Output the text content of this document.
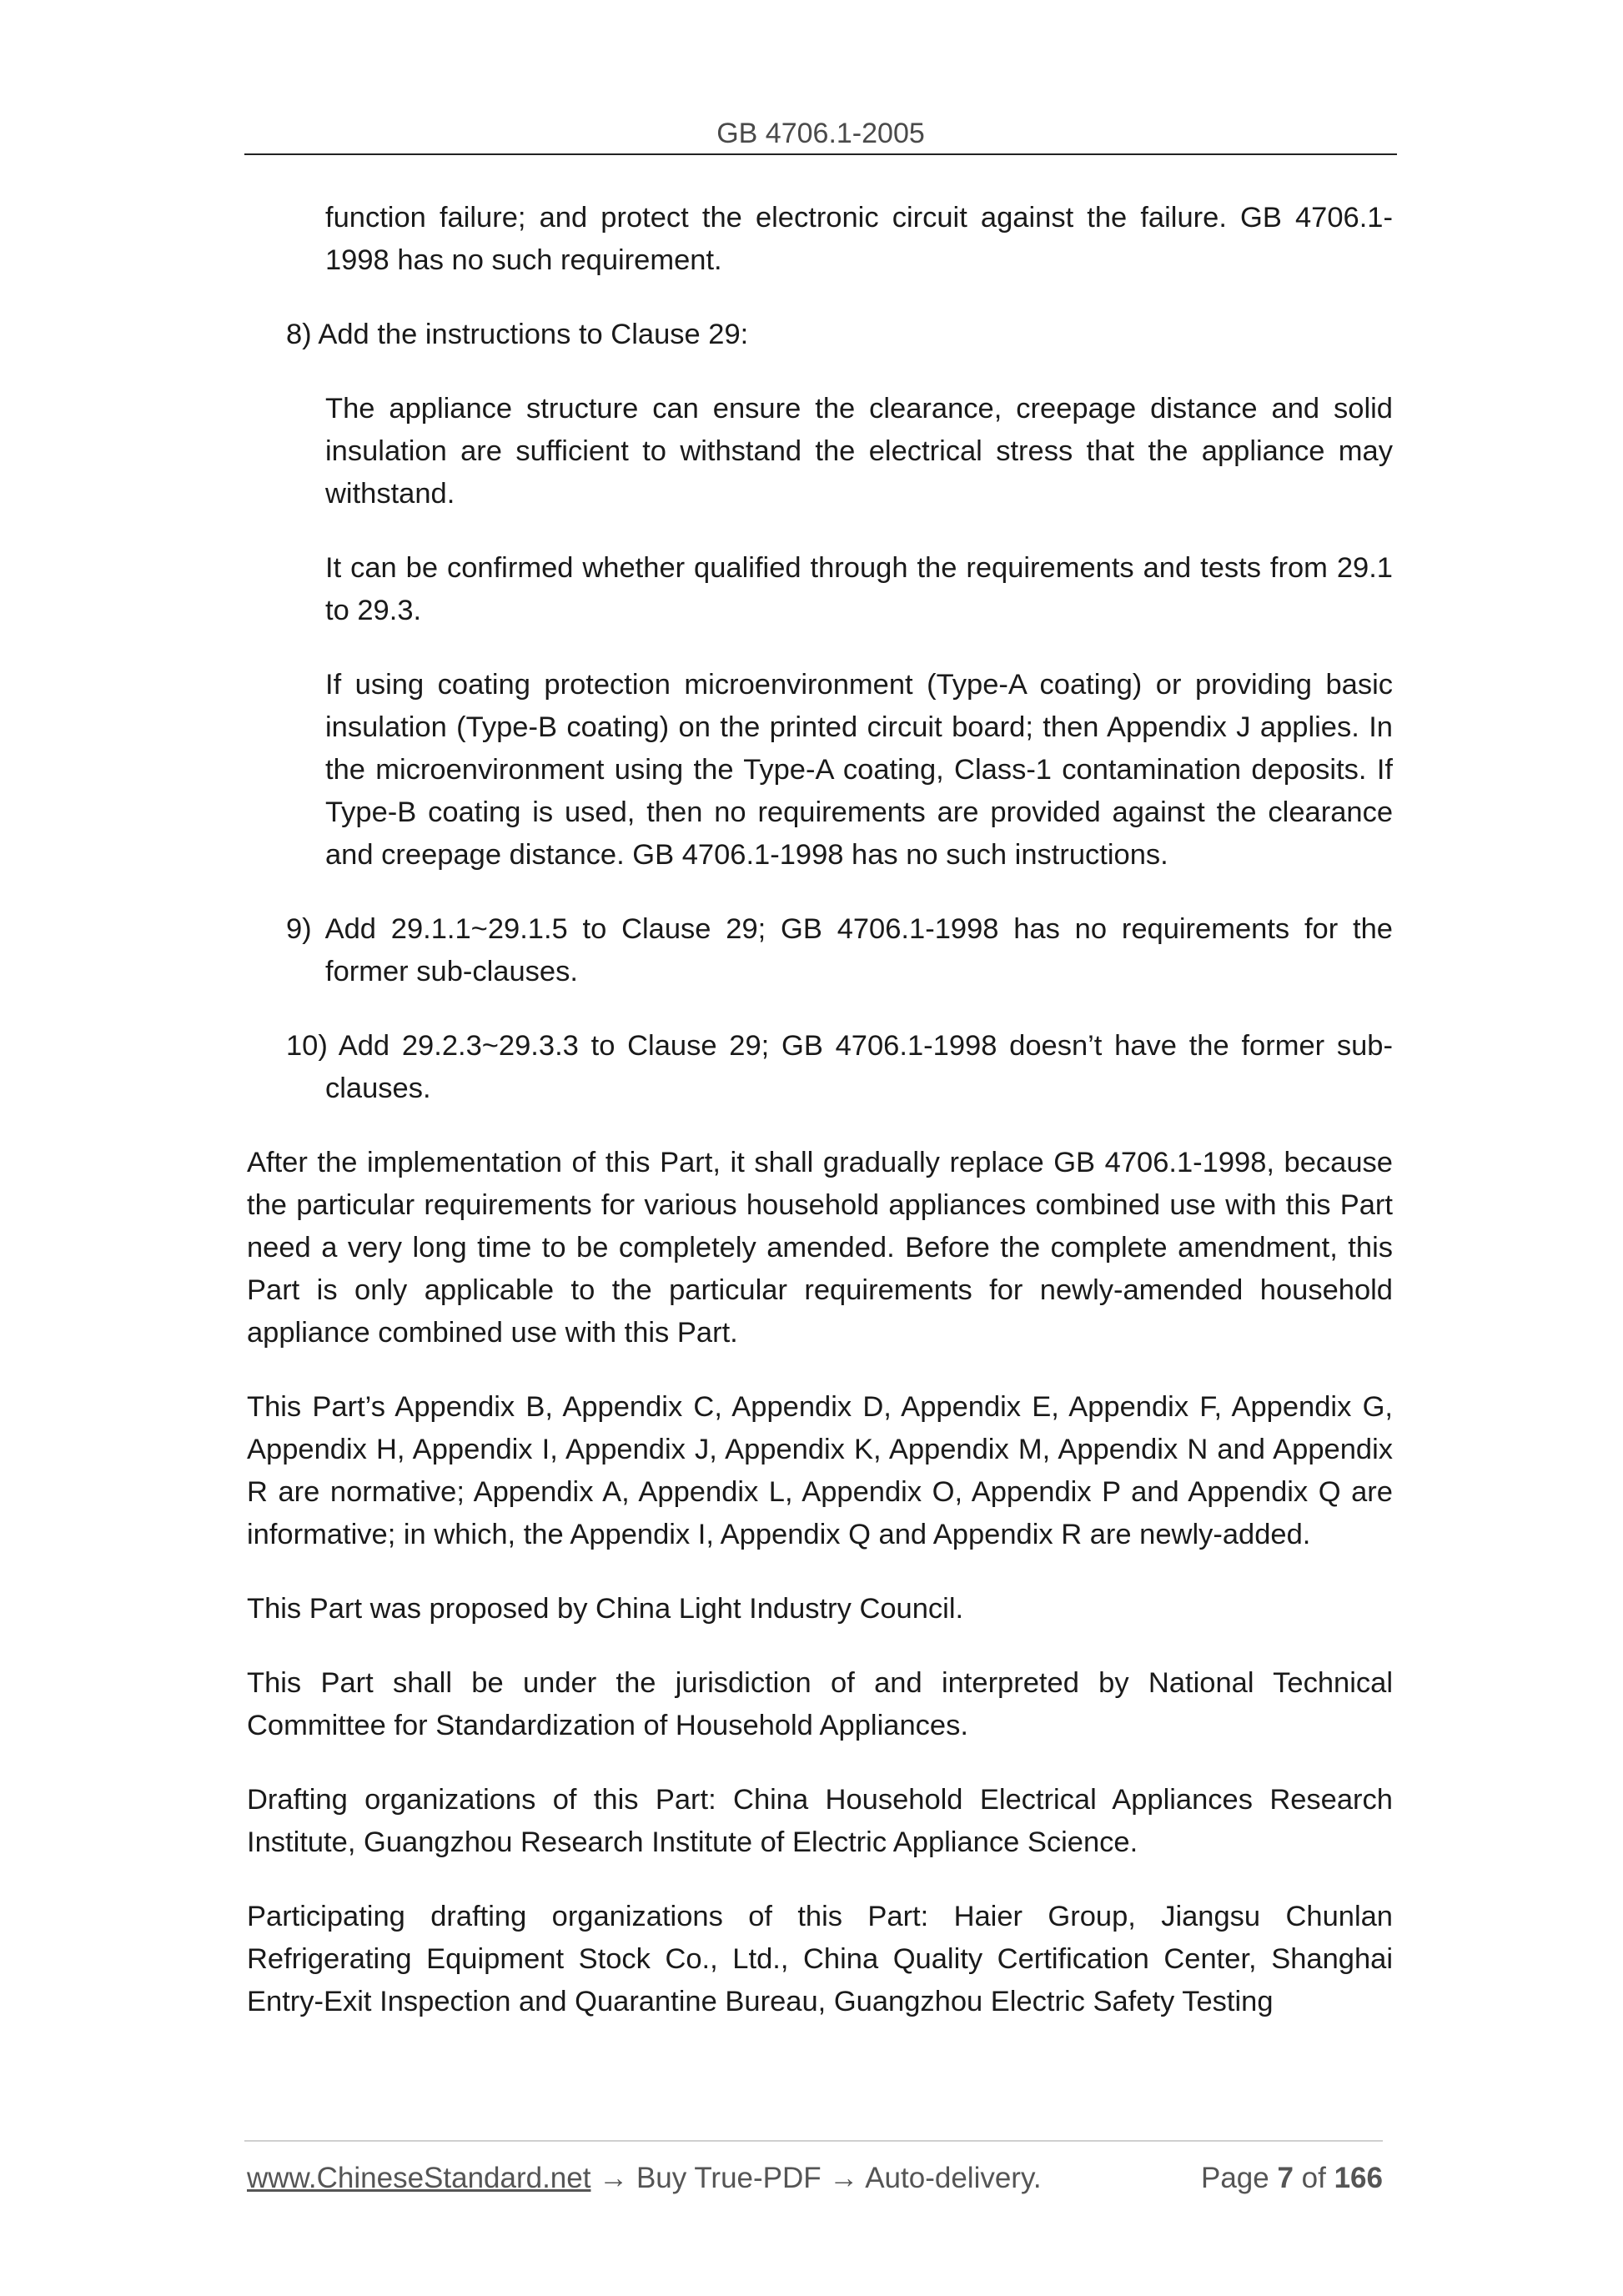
GB 4706.1-2005

function failure; and protect the electronic circuit against the failure. GB 4706.1-1998 has no such requirement.

8) Add the instructions to Clause 29:

The appliance structure can ensure the clearance, creepage distance and solid insulation are sufficient to withstand the electrical stress that the appliance may withstand.

It can be confirmed whether qualified through the requirements and tests from 29.1 to 29.3.

If using coating protection microenvironment (Type-A coating) or providing basic insulation (Type-B coating) on the printed circuit board; then Appendix J applies. In the microenvironment using the Type-A coating, Class-1 contamination deposits. If Type-B coating is used, then no requirements are provided against the clearance and creepage distance. GB 4706.1-1998 has no such instructions.

9) Add 29.1.1~29.1.5 to Clause 29; GB 4706.1-1998 has no requirements for the former sub-clauses.

10) Add 29.2.3~29.3.3 to Clause 29; GB 4706.1-1998 doesn’t have the former sub-clauses.

After the implementation of this Part, it shall gradually replace GB 4706.1-1998, because the particular requirements for various household appliances combined use with this Part need a very long time to be completely amended. Before the complete amendment, this Part is only applicable to the particular requirements for newly-amended household appliance combined use with this Part.

This Part’s Appendix B, Appendix C, Appendix D, Appendix E, Appendix F, Appendix G, Appendix H, Appendix I, Appendix J, Appendix K, Appendix M, Appendix N and Appendix R are normative; Appendix A, Appendix L, Appendix O, Appendix P and Appendix Q are informative; in which, the Appendix I, Appendix Q and Appendix R are newly-added.

This Part was proposed by China Light Industry Council.

This Part shall be under the jurisdiction of and interpreted by National Technical Committee for Standardization of Household Appliances.

Drafting organizations of this Part: China Household Electrical Appliances Research Institute, Guangzhou Research Institute of Electric Appliance Science.

Participating drafting organizations of this Part: Haier Group, Jiangsu Chunlan Refrigerating Equipment Stock Co., Ltd., China Quality Certification Center, Shanghai Entry-Exit Inspection and Quarantine Bureau, Guangzhou Electric Safety Testing

www.ChineseStandard.net → Buy True-PDF → Auto-delivery.	Page 7 of 166
